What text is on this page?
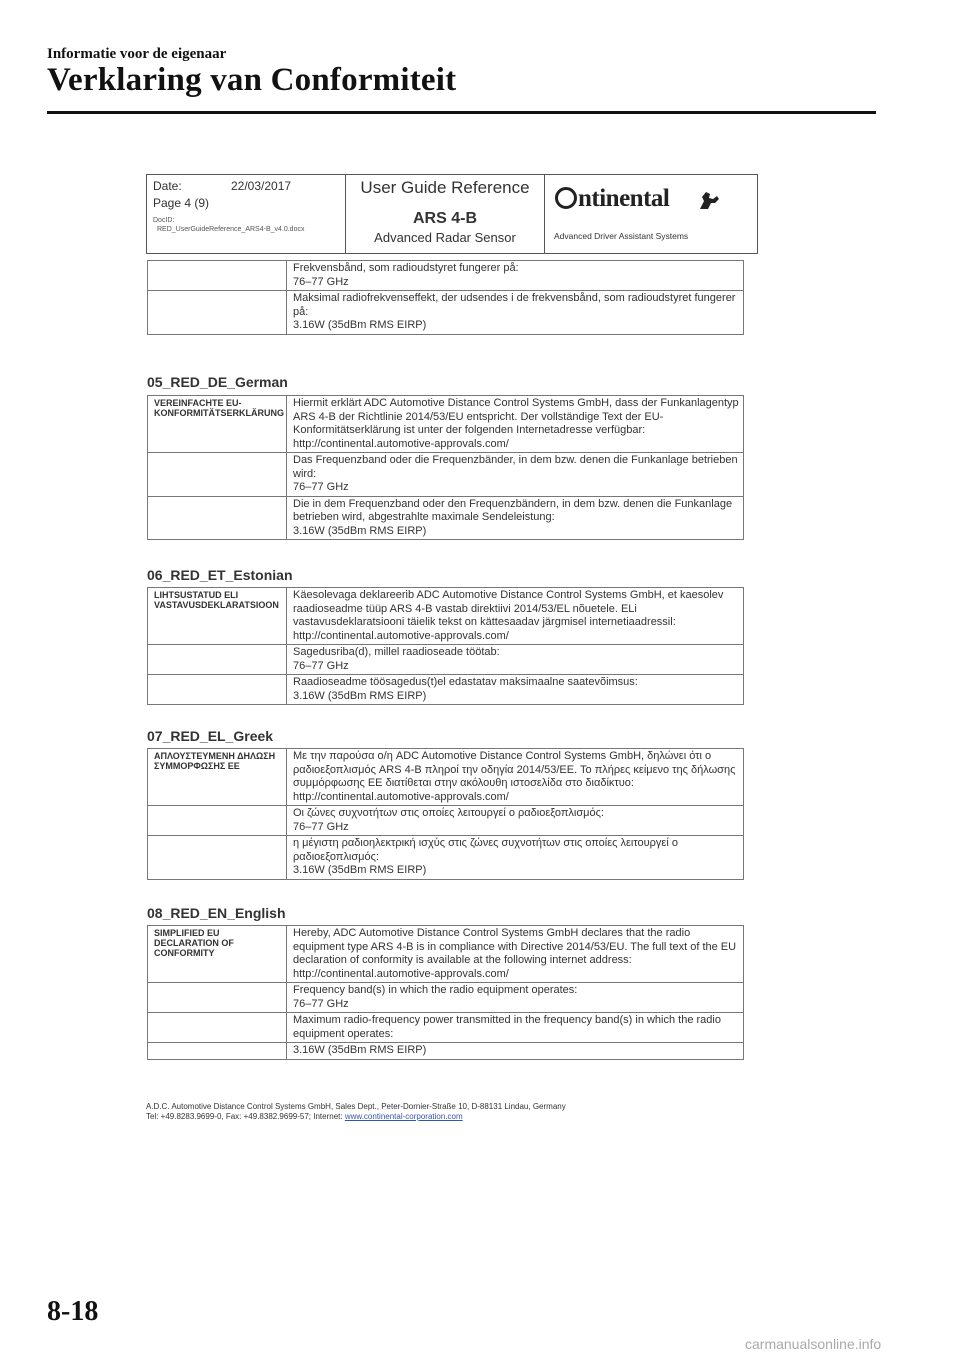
Informatie voor de eigenaar
Verklaring van Conformiteit
Date:	22/03/2017
Page 4 (9)
DocID:
RED_UserGuideReference_ARS4-B_v4.0.docx
User Guide Reference
ARS 4-B
Advanced Radar Sensor
ntinental
Advanced Driver Assistant Systems

	Frekvensbånd, som radioudstyret fungerer på:
76–77 GHz

	Maksimal radiofrekvenseffekt, der udsendes i de frekvensbånd, som radioudstyret fungerer på:
3.16W (35dBm RMS EIRP)
05_RED_DE_German
VEREINFACHTE EU-KONFORMITÄTSERKLÄRUNG	Hiermit erklärt ADC Automotive Distance Control Systems GmbH, dass der Funkanlagentyp ARS 4-B der Richtlinie 2014/53/EU entspricht. Der vollständige Text der EU-Konformitätserklärung ist unter der folgenden Internetadresse verfügbar:
http://continental.automotive-approvals.com/

	Das Frequenzband oder die Frequenzbänder, in dem bzw. denen die Funkanlage betrieben wird:
76–77 GHz

	Die in dem Frequenzband oder den Frequenzbändern, in dem bzw. denen die Funkanlage betrieben wird, abgestrahlte maximale Sendeleistung:
3.16W (35dBm RMS EIRP)
06_RED_ET_Estonian
LIHTSUSTATUD ELI VASTAVUSDEKLARATSIOON	Käesolevaga deklareerib ADC Automotive Distance Control Systems GmbH, et kaesolev raadioseadme tüüp ARS 4-B vastab direktiivi 2014/53/EL nõuetele. ELi vastavusdeklaratsiooni täielik tekst on kättesaadav järgmisel internetiaadressil:
http://continental.automotive-approvals.com/

	Sagedusriba(d), millel raadioseade töötab:
76–77 GHz

	Raadioseadme töösagedus(t)el edastatav maksimaalne saatevõimsus:
3.16W (35dBm RMS EIRP)
07_RED_EL_Greek
ΑΠΛΟΥΣΤΕΥΜΕΝΗ ΔΗΛΩΣΗ ΣΥΜΜΟΡΦΩΣΗΣ ΕΕ	Με την παρούσα ο/η ADC Automotive Distance Control Systems GmbH, δηλώνει ότι ο ραδιοεξοπλισμός ARS 4-B πληροί την οδηγία 2014/53/ΕΕ. Το πλήρες κείμενο της δήλωσης συμμόρφωσης ΕΕ διατίθεται στην ακόλουθη ιστοσελίδα στο διαδίκτυο:
http://continental.automotive-approvals.com/

	Οι ζώνες συχνοτήτων στις οποίες λειτουργεί ο ραδιοεξοπλισμός:
76–77 GHz

	η μέγιστη ραδιοηλεκτρική ισχύς στις ζώνες συχνοτήτων στις οποίες λειτουργεί ο ραδιοεξοπλισμός:
3.16W (35dBm RMS EIRP)
08_RED_EN_English
SIMPLIFIED EU DECLARATION OF CONFORMITY	Hereby, ADC Automotive Distance Control Systems GmbH declares that the radio equipment type ARS 4-B is in compliance with Directive 2014/53/EU. The full text of the EU declaration of conformity is available at the following internet address:
http://continental.automotive-approvals.com/

	Frequency band(s) in which the radio equipment operates:
76–77 GHz

	Maximum radio-frequency power transmitted in the frequency band(s) in which the radio equipment operates:

	3.16W (35dBm RMS EIRP)
A.D.C. Automotive Distance Control Systems GmbH, Sales Dept., Peter-Dornier-Straße 10, D-88131 Lindau, Germany
Tel: +49.8283.9699-0, Fax: +49.8382.9699-57; Internet: www.continental-corporation.com
8-18
carmanualsonline.info
